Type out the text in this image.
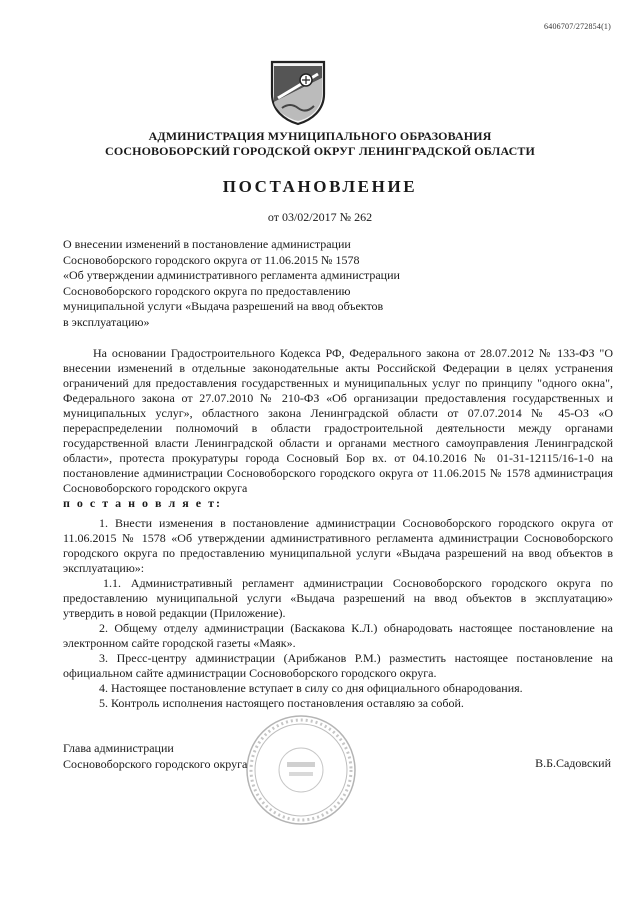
6406707/272854(1)
АДМИНИСТРАЦИЯ МУНИЦИПАЛЬНОГО ОБРАЗОВАНИЯ
СОСНОВОБОРСКИЙ ГОРОДСКОЙ ОКРУГ ЛЕНИНГРАДСКОЙ ОБЛАСТИ
ПОСТАНОВЛЕНИЕ
от 03/02/2017 № 262
О внесении изменений в постановление администрации
Сосновоборского городского округа от 11.06.2015 № 1578
«Об утверждении административного регламента администрации
Сосновоборского городского округа по предоставлению
муниципальной услуги «Выдача разрешений на ввод объектов
в эксплуатацию»
На основании Градостроительного Кодекса РФ, Федерального закона от 28.07.2012 № 133-ФЗ "О внесении изменений в отдельные законодательные акты Российской Федерации в целях устранения ограничений для предоставления государственных и муниципальных услуг по принципу "одного окна", Федерального закона от 27.07.2010 № 210-ФЗ «Об организации предоставления государственных и муниципальных услуг», областного закона Ленинградской области от 07.07.2014 № 45-ОЗ «О перераспределении полномочий в области градостроительной деятельности между органами государственной власти Ленинградской области и органами местного самоуправления Ленинградской области», протеста прокуратуры города Сосновый Бор вх. от 04.10.2016 № 01-31-12115/16-1-0 на постановление администрации Сосновоборского городского округа от 11.06.2015 № 1578 администрация Сосновоборского городского округа
п о с т а н о в л я е т:

1. Внести изменения в постановление администрации Сосновоборского городского округа от 11.06.2015 № 1578 «Об утверждении административного регламента администрации Сосновоборского городского округа по предоставлению муниципальной услуги «Выдача разрешений на ввод объектов в эксплуатацию»:

1.1. Административный регламент администрации Сосновоборского городского округа по предоставлению муниципальной услуги «Выдача разрешений на ввод объектов в эксплуатацию» утвердить в новой редакции (Приложение).

2. Общему отделу администрации (Баскакова К.Л.) обнародовать настоящее постановление на электронном сайте городской газеты «Маяк».

3. Пресс-центру администрации (Арибжанов Р.М.) разместить настоящее постановление на официальном сайте администрации Сосновоборского городского округа.

4. Настоящее постановление вступает в силу со дня официального обнародования.

5. Контроль исполнения настоящего постановления оставляю за собой.

Глава администрации
Сосновоборского городского округа	В.Б.Садовский
